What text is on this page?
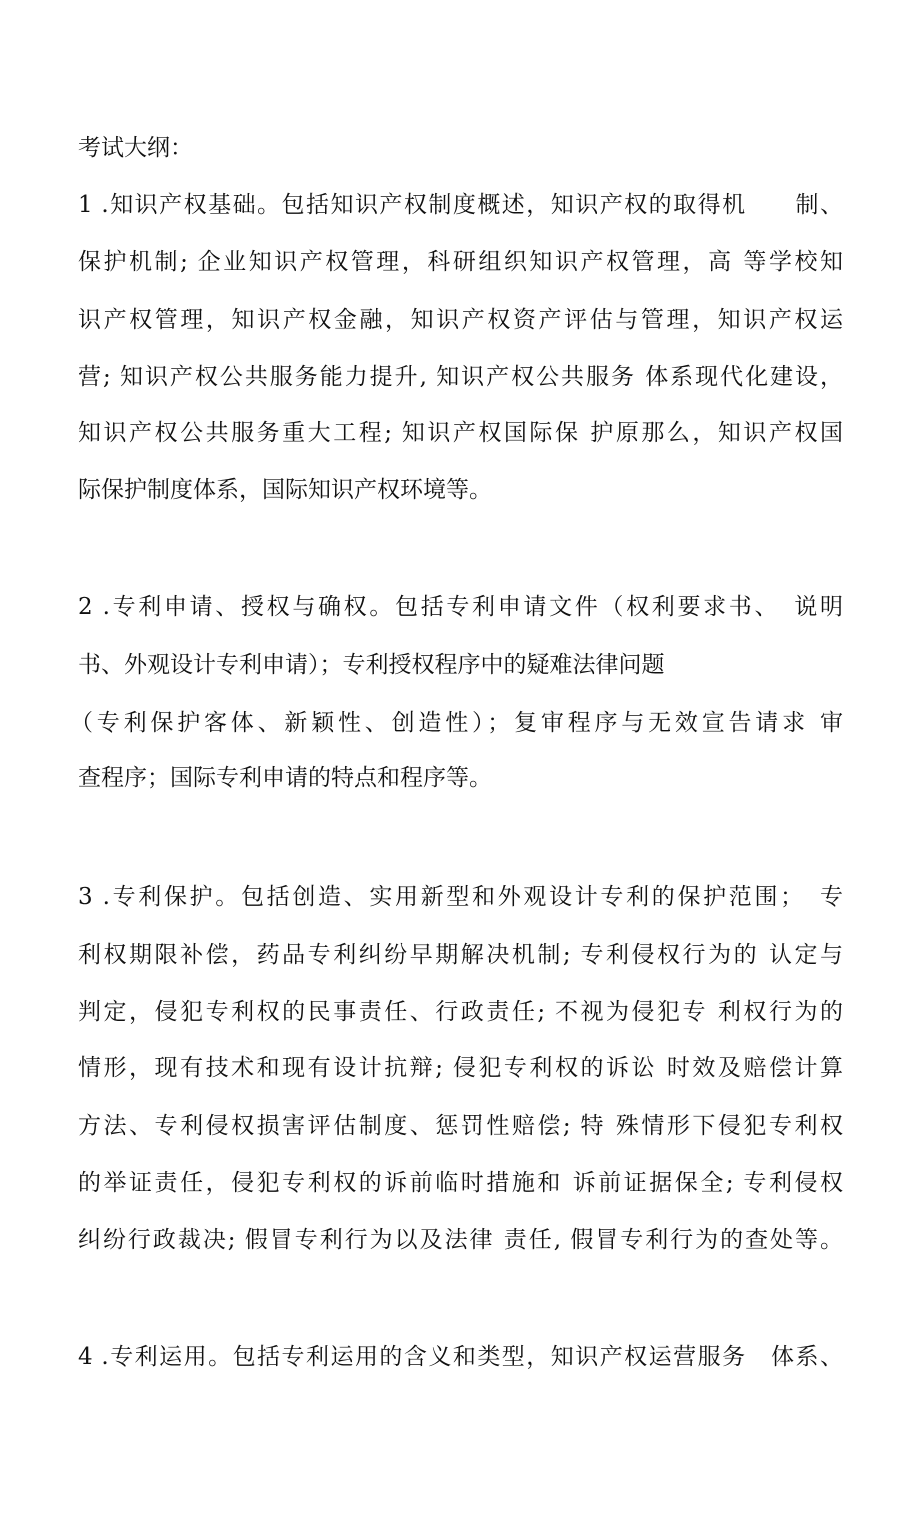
考试大纲：
1 .知识产权基础。包括知识产权制度概述，知识产权的取得机　　制、
保护机制; 企业知识产权管理，科研组织知识产权管理，高 等学校知
识产权管理，知识产权金融，知识产权资产评估与管理，知识产权运
营; 知识产权公共服务能力提升, 知识产权公共服务 体系现代化建设，
知识产权公共服务重大工程; 知识产权国际保 护原那么，知识产权国
际保护制度体系，国际知识产权环境等。
2 .专利申请、授权与确权。包括专利申请文件（权利要求书、　说明
书、外观设计专利申请）；专利授权程序中的疑难法律问题
（专利保护客体、新颖性、创造性）；复审程序与无效宣告请求 审
查程序；国际专利申请的特点和程序等。
3 .专利保护。包括创造、实用新型和外观设计专利的保护范围；　专
利权期限补偿，药品专利纠纷早期解决机制; 专利侵权行为的 认定与
判定，侵犯专利权的民事责任、行政责任; 不视为侵犯专 利权行为的
情形，现有技术和现有设计抗辩; 侵犯专利权的诉讼 时效及赔偿计算
方法、专利侵权损害评估制度、惩罚性赔偿; 特 殊情形下侵犯专利权
的举证责任，侵犯专利权的诉前临时措施和 诉前证据保全; 专利侵权
纠纷行政裁决; 假冒专利行为以及法律 责任, 假冒专利行为的查处等。
4 .专利运用。包括专利运用的含义和类型，知识产权运营服务　体系、
